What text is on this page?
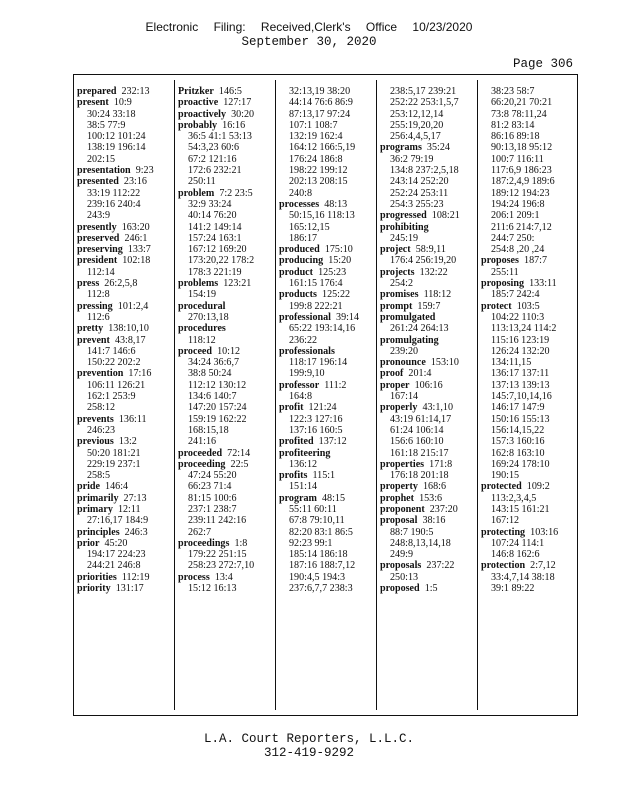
Electronic Filing: Received,Clerk's Office 10/23/2020
September 30, 2020
Page 306
prepared  232:13
present  10:9
30:24 33:18
38:5 77:9
100:12 101:24
138:19 196:14
202:15
presentation  9:23
presented  23:16
33:19 112:22
239:16 240:4
243:9
presently  163:20
preserved  246:1
preserving  133:7
president  102:18
112:14
press  26:2,5,8
112:8
pressing  101:2,4
112:6
pretty  138:10,10
prevent  43:8,17
141:7 146:6
150:22 202:2
prevention  17:16
106:11 126:21
162:1 253:9
258:12
prevents  136:11
246:23
previous  13:2
50:20 181:21
229:19 237:1
258:5
pride  146:4
primarily  27:13
primary  12:11
27:16,17 184:9
principles  246:3
prior  45:20
194:17 224:23
244:21 246:8
priorities  112:19
priority  131:17
Pritzker  146:5
proactive  127:17
proactively  30:20
probably  16:16
36:5 41:1 53:13
54:3,23 60:6
67:2 121:16
172:6 232:21
250:11
problem  7:2 23:5
32:9 33:24
40:14 76:20
141:2 149:14
157:24 163:1
167:12 169:20
173:20,22 178:2
178:3 221:19
problems  123:21
154:19
procedural
270:13,18
procedures
118:12
proceed  10:12
34:24 36:6,7
38:8 50:24
112:12 130:12
134:6 140:7
147:20 157:24
159:19 162:22
168:15,18
241:16
proceeded  72:14
proceeding  22:5
47:24 55:20
66:23 71:4
81:15 100:6
237:1 238:7
239:11 242:16
262:7
proceedings  1:8
179:22 251:15
258:23 272:7,10
process  13:4
15:12 16:13
32:13,19 38:20
44:14 76:6 86:9
87:13,17 97:24
107:1 108:7
132:19 162:4
164:12 166:5,19
176:24 186:8
198:22 199:12
202:13 208:15
240:8
processes  48:13
50:15,16 118:13
165:12,15
186:17
produced  175:10
producing  15:20
product  125:23
161:15 176:4
products  125:22
199:8 222:21
professional  39:14
65:22 193:14,16
236:22
professionals
118:17 196:14
199:9,10
professor  111:2
164:8
profit  121:24
122:3 127:16
137:16 160:5
profited  137:12
profiteering
136:12
profits  115:1
151:14
program  48:15
55:11 60:11
67:8 79:10,11
82:20 83:1 86:5
92:23 99:1
185:14 186:18
187:16 188:7,12
190:4,5 194:3
237:6,7,7 238:3
238:5,17 239:21
252:22 253:1,5,7
253:12,12,14
255:19,20,20
256:4,4,5,17
programs  35:24
36:2 79:19
134:8 237:2,5,18
243:14 252:20
252:24 253:11
254:3 255:23
progressed  108:21
prohibiting
245:19
project  58:9,11
176:4 256:19,20
projects  132:22
254:2
promises  118:12
prompt  159:7
promulgated
261:24 264:13
promulgating
239:20
pronounce  153:10
proof  201:4
proper  106:16
167:14
properly  43:1,10
43:19 61:14,17
61:24 106:14
156:6 160:10
161:18 215:17
properties  171:8
176:18 201:18
property  168:6
prophet  153:6
proponent  237:20
proposal  38:16
88:7 190:5
248:8,13,14,18
249:9
proposals  237:22
250:13
proposed  1:5
38:23 58:7
66:20,21 70:21
73:8 78:11,24
81:2 83:14
86:16 89:18
90:13,18 95:12
100:7 116:11
117:6,9 186:23
187:2,4,9 189:6
189:12 194:23
194:24 196:8
206:1 209:1
211:6 214:7,12
244:7 250:
254:8 ,20 ,24
proposes  187:7
255:11
proposing  133:11
185:7 242:4
protect  103:5
104:22 110:3
113:13,24 114:2
115:16 123:19
126:24 132:20
134:11,15
136:17 137:11
137:13 139:13
145:7,10,14,16
146:17 147:9
150:16 155:13
156:14,15,22
157:3 160:16
162:8 163:10
169:24 178:10
190:15
protected  109:2
113:2,3,4,5
143:15 161:21
167:12
protecting  103:16
107:24 114:1
146:8 162:6
protection  2:7,12
33:4,7,14 38:18
39:1 89:22
L.A. Court Reporters, L.L.C.
312-419-9292
